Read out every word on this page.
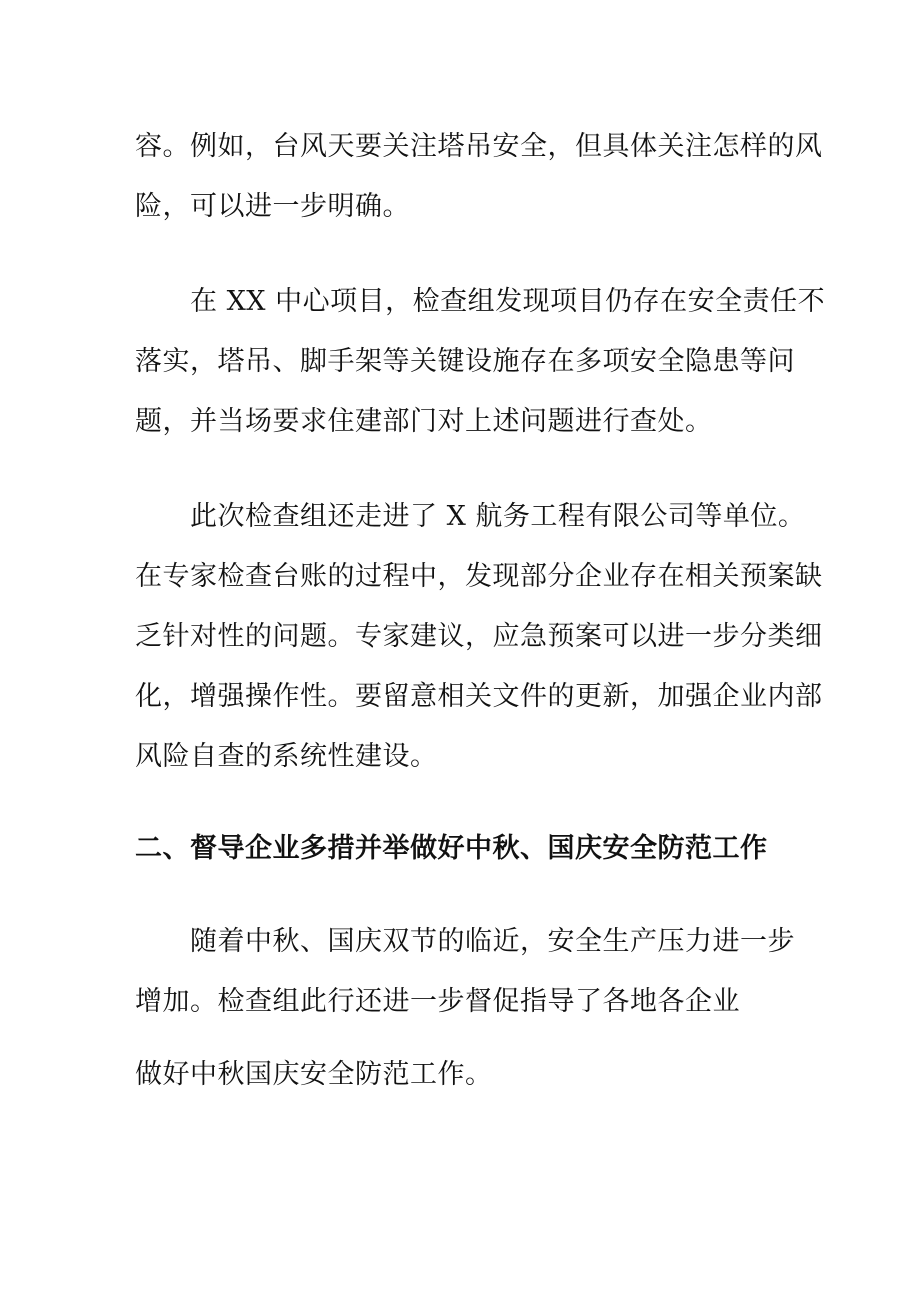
容。例如，台风天要关注塔吊安全，但具体关注怎样的风
险，可以进一步明确。
在 XX 中心项目，检查组发现项目仍存在安全责任不
落实，塔吊、脚手架等关键设施存在多项安全隐患等问
题，并当场要求住建部门对上述问题进行查处。
此次检查组还走进了 X 航务工程有限公司等单位。
在专家检查台账的过程中，发现部分企业存在相关预案缺
乏针对性的问题。专家建议，应急预案可以进一步分类细
化，增强操作性。要留意相关文件的更新，加强企业内部
风险自查的系统性建设。
二、督导企业多措并举做好中秋、国庆安全防范工作
随着中秋、国庆双节的临近，安全生产压力进一步
增加。检查组此行还进一步督促指导了各地各企业
做好中秋国庆安全防范工作。
